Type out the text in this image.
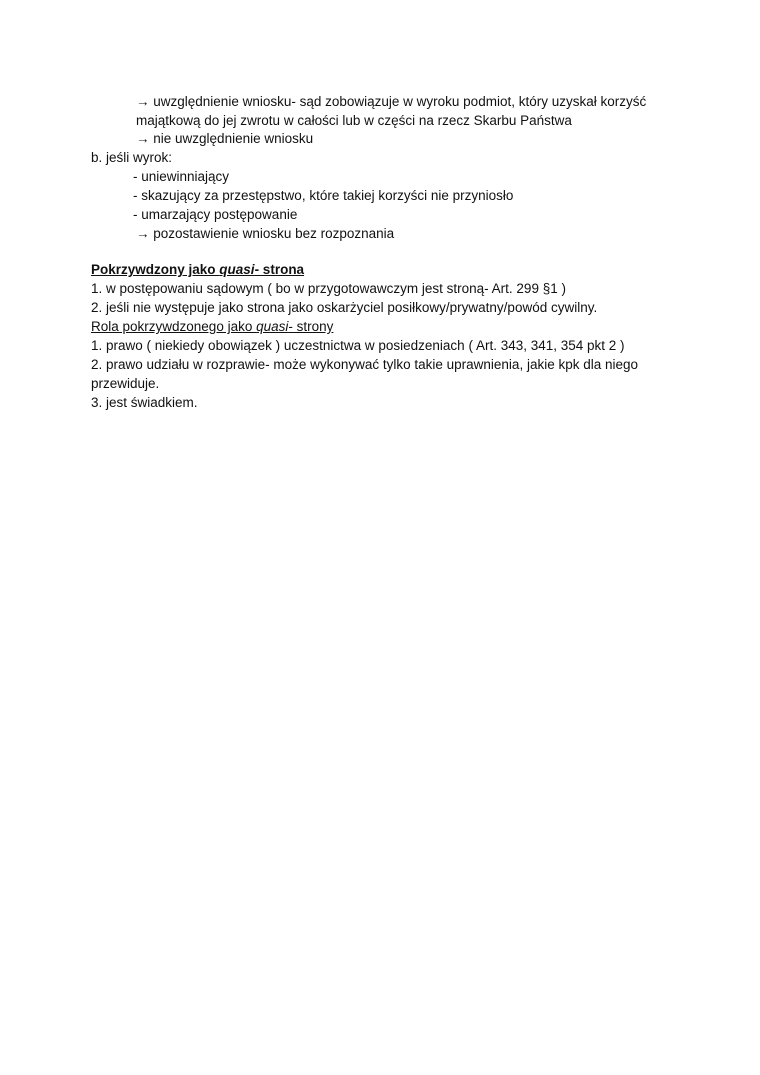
→ uwzględnienie wniosku- sąd zobowiązuje w wyroku podmiot, który uzyskał korzyść
majątkową do jej zwrotu w całości lub w części na rzecz Skarbu Państwa
→ nie uwzględnienie wniosku
b. jeśli wyrok:
- uniewinniający
- skazujący za przestępstwo, które takiej korzyści nie przyniosło
- umarzający postępowanie
→ pozostawienie wniosku bez rozpoznania
Pokrzywdzony jako quasi- strona
1. w postępowaniu sądowym ( bo w przygotowawczym jest stroną- Art. 299 §1 )
2. jeśli nie występuje jako strona jako oskarżyciel posiłkowy/prywatny/powód cywilny.
Rola pokrzywdzonego jako quasi- strony
1. prawo ( niekiedy obowiązek ) uczestnictwa w posiedzeniach ( Art. 343, 341, 354 pkt 2 )
2. prawo udziału w rozprawie- może wykonywać tylko takie uprawnienia, jakie kpk dla niego
przewiduje.
3. jest świadkiem.
